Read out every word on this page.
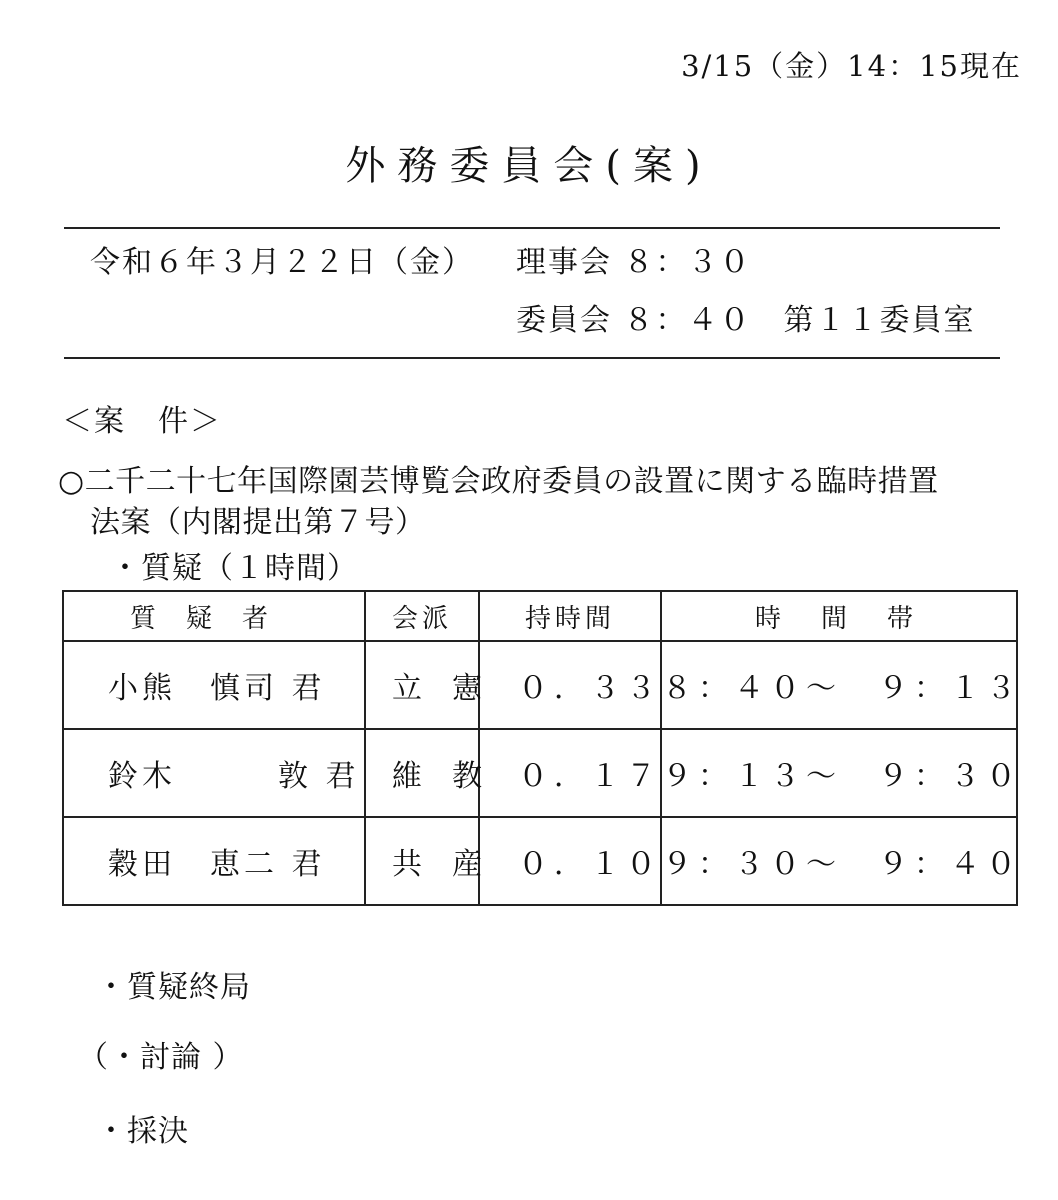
3/15（金）14：15現在
外務委員会(案)
令和６年３月２２日（金） 理事会 ８：３０
委員会 ８：４０　第１１委員室
＜案　件＞
○二千二十七年国際園芸博覧会政府委員の設置に関する臨時措置
法案（内閣提出第７号）
・質疑（１時間）
質疑者	会派	持時間	時間帯
小熊　慎司 君	立憲	０．３３	８：４０～　９：１３
鈴木　　　敦 君	維教	０．１７	９：１３～　９：３０
穀田　恵二 君	共産	０．１０	９：３０～　９：４０
・質疑終局
（・討論 ）
・採決
